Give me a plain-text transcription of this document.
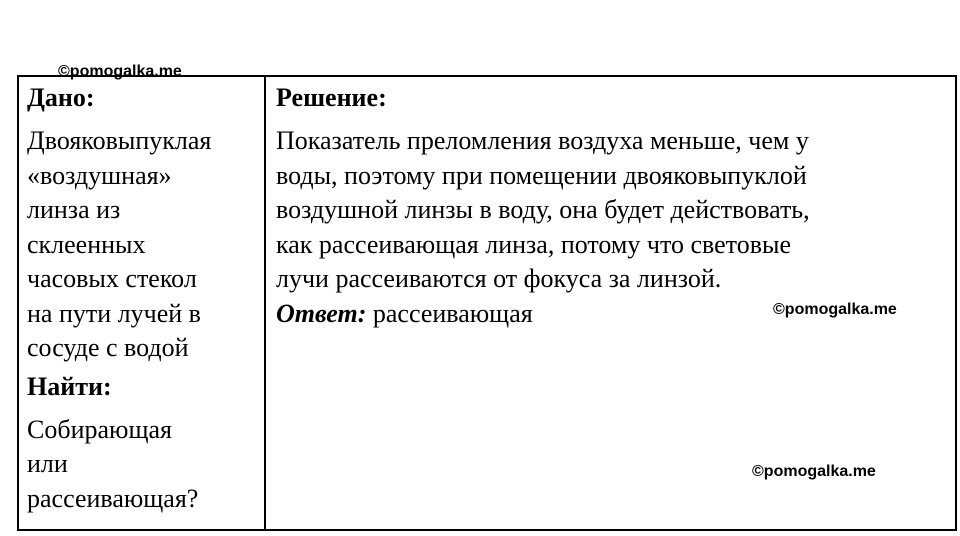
©pomogalka.me
©pomogalka.me
©pomogalka.me

Дано:

Двояковыпуклая
«воздушная»
линза из
склеенных
часовых стекол
на пути лучей в
сосуде с водой

Найти:

Собирающая
или
рассеивающая?

Решение:

Показатель преломления воздуха меньше, чем у
воды, поэтому при помещении двояковыпуклой
воздушной линзы в воду, она будет действовать,
как рассеивающая линза, потому что световые
лучи рассеиваются от фокуса за линзой.

Ответ: рассеивающая
